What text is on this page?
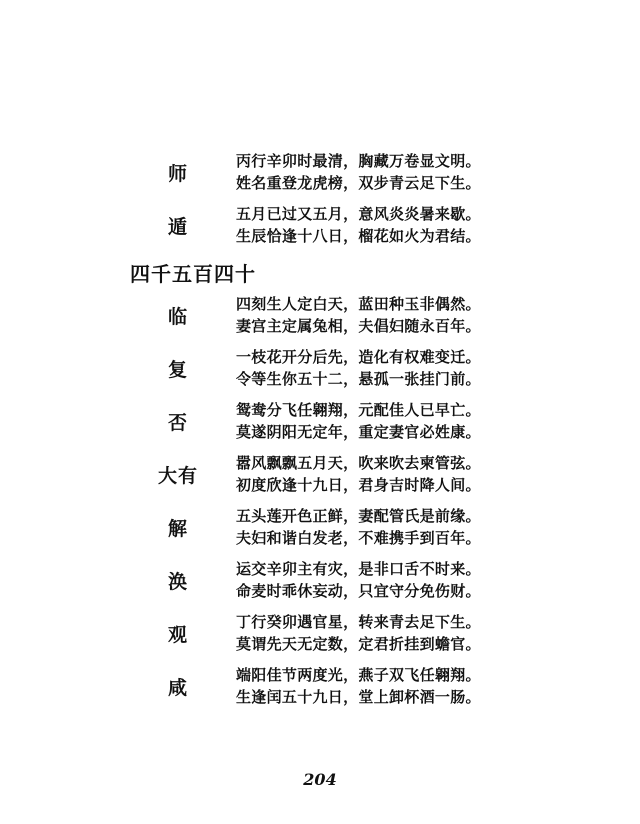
师
丙行辛卯时最清，胸藏万卷显文明。
姓名重登龙虎榜，双步青云足下生。
遁
五月已过又五月，意风炎炎暑来歇。
生辰恰逢十八日，榴花如火为君结。
四千五百四十
临
四刻生人定白天，蓝田种玉非偶然。
妻宫主定属兔相，夫倡妇随永百年。
复
一枝花开分后先，造化有权难变迁。
令等生你五十二，悬孤一张挂门前。
否
鸳鸯分飞任翱翔，元配佳人已早亡。
莫遂阴阳无定年，重定妻官必姓康。
大有
嚣风飘飘五月天，吹来吹去柬管弦。
初度欣逢十九日，君身吉时降人间。
解
五头莲开色正鲜，妻配管氏是前缘。
夫妇和谐白发老，不难携手到百年。
涣
运交辛卯主有灾，是非口舌不时来。
命麦时乖休妄动，只宜守分免伤财。
观
丁行癸卯遇官星，转来青去足下生。
莫谓先天无定数，定君折挂到蟾官。
咸
端阳佳节两度光，燕子双飞任翱翔。
生逢闰五十九日，堂上卸杯酒一肠。
204
